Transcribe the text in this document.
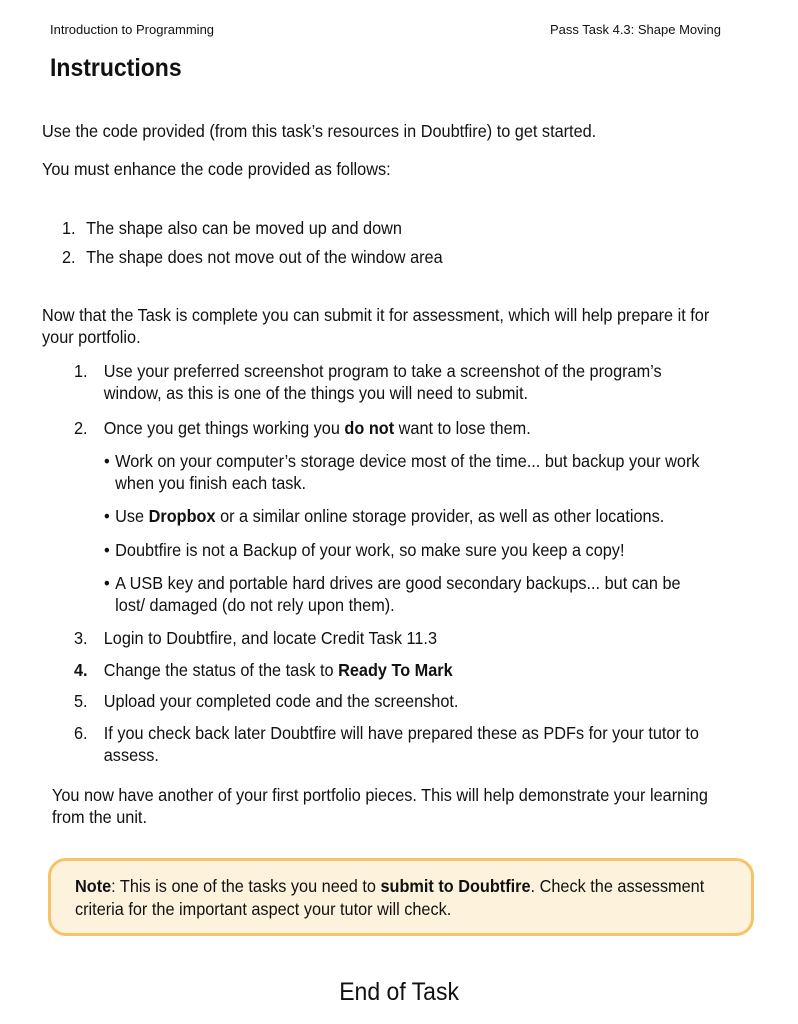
Introduction to Programming	Pass Task 4.3: Shape Moving
Instructions
Use the code provided (from this task’s resources in Doubtfire) to get started.
You must enhance the code provided as follows:
1. The shape also can be moved up and down
2. The shape does not move out of the window area
Now that the Task is complete you can submit it for assessment, which will help prepare it for your portfolio.
1. Use your preferred screenshot program to take a screenshot of the program’s window, as this is one of the things you will need to submit.
2. Once you get things working you do not want to lose them.
• Work on your computer’s storage device most of the time... but backup your work when you finish each task.
• Use Dropbox or a similar online storage provider, as well as other locations.
• Doubtfire is not a Backup of your work, so make sure you keep a copy!
• A USB key and portable hard drives are good secondary backups... but can be lost/ damaged (do not rely upon them).
3. Login to Doubtfire, and locate Credit Task 11.3
4. Change the status of the task to Ready To Mark
5. Upload your completed code and the screenshot.
6. If you check back later Doubtfire will have prepared these as PDFs for your tutor to assess.
You now have another of your first portfolio pieces. This will help demonstrate your learning from the unit.
Note: This is one of the tasks you need to submit to Doubtfire. Check the assessment criteria for the important aspect your tutor will check.
End of Task
